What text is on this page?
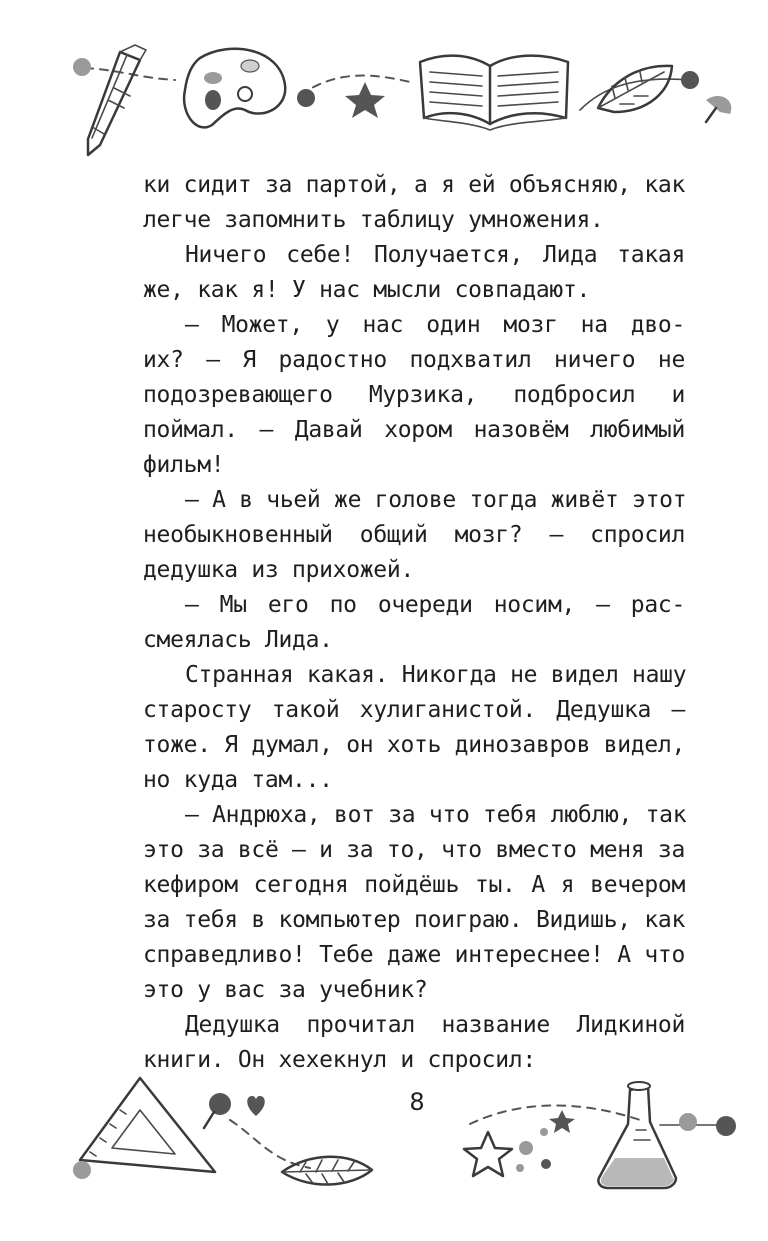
ки сидит за партой, а я ей объясняю, как
легче запомнить таблицу умножения.
Ничего себе! Получается, Лида такая
же, как я! У нас мысли совпадают.
— Может, у нас один мозг на дво-
их? — Я радостно подхватил ничего не
подозревающего Мурзика, подбросил и
поймал. — Давай хором назовём любимый
фильм!
— А в чьей же голове тогда живёт этот
необыкновенный общий мозг? — спросил
дедушка из прихожей.
— Мы его по очереди носим, — рас-
смеялась Лида.
Странная какая. Никогда не видел нашу
старосту такой хулиганистой. Дедушка —
тоже. Я думал, он хоть динозавров видел,
но куда там...
— Андрюха, вот за что тебя люблю, так
это за всё — и за то, что вместо меня за
кефиром сегодня пойдёшь ты. А я вечером
за тебя в компьютер поиграю. Видишь, как
справедливо! Тебе даже интереснее! А что
это у вас за учебник?
Дедушка прочитал название Лидкиной
книги. Он хехекнул и спросил:
8
